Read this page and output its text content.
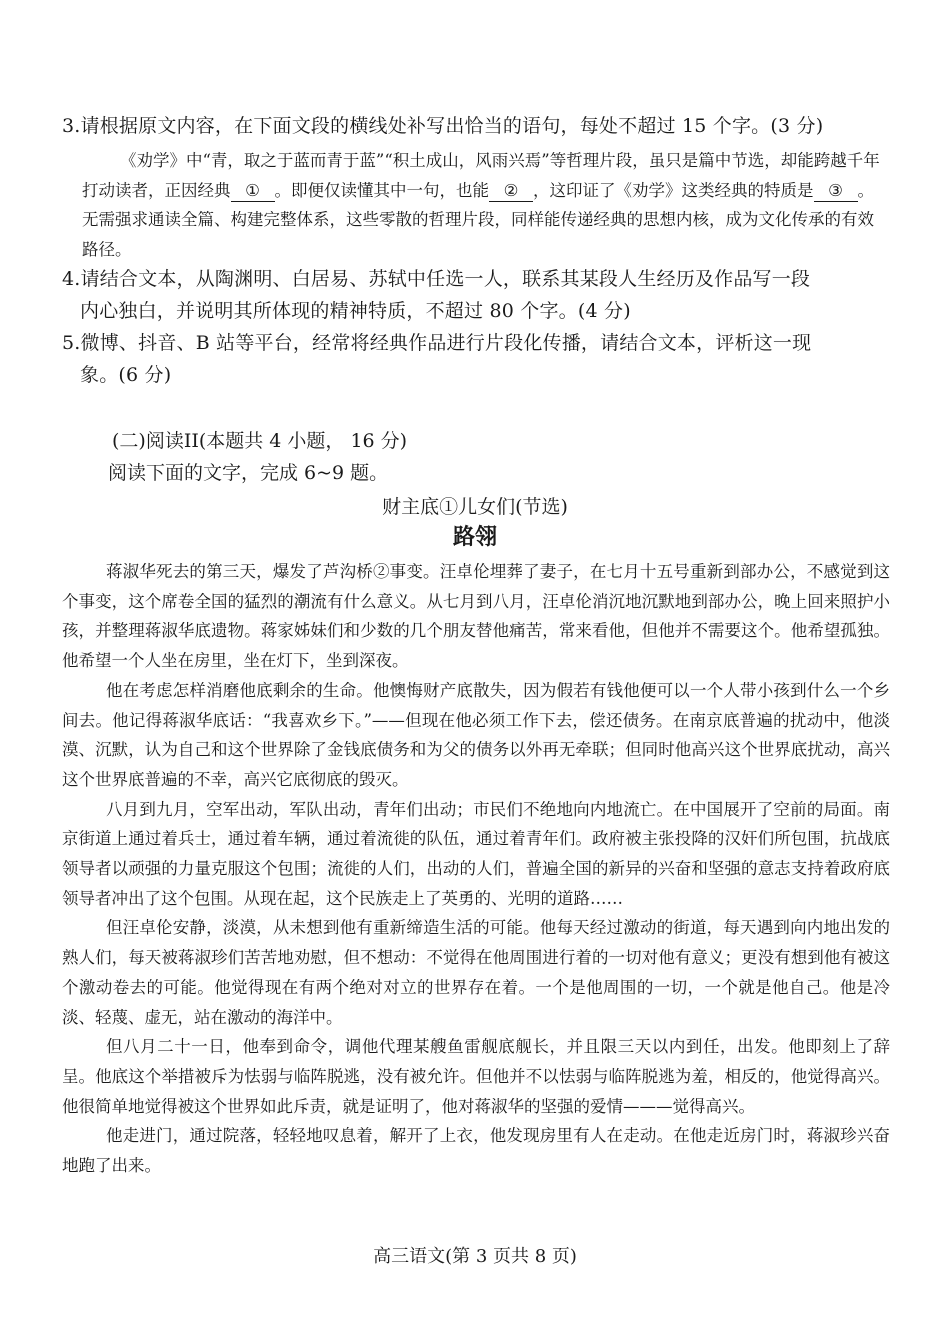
3.请根据原文内容，在下面文段的横线处补写出恰当的语句，每处不超过 15 个字。(3 分)
《劝学》中“青，取之于蓝而青于蓝”“积土成山，风雨兴焉”等哲理片段，虽只是篇中节选，却能跨越千年打动读者，正因经典 ① 。即便仅读懂其中一句，也能 ② ，这印证了《劝学》这类经典的特质是 ③ 。无需强求通读全篇、构建完整体系，这些零散的哲理片段，同样能传递经典的思想内核，成为文化传承的有效路径。
4.请结合文本，从陶渊明、白居易、苏轼中任选一人，联系其某段人生经历及作品写一段
内心独白，并说明其所体现的精神特质，不超过 80 个字。(4 分)
5.微博、抖音、B 站等平台，经常将经典作品进行片段化传播，请结合文本，评析这一现
象。(6 分)
(二)阅读II(本题共 4 小题， 16 分)
阅读下面的文字，完成 6~9 题。
财主底①儿女们(节选)
路翎

蒋淑华死去的第三天，爆发了芦沟桥②事变。汪卓伦埋葬了妻子，在七月十五号重新到部办公，不感觉到这个事变，这个席卷全国的猛烈的潮流有什么意义。从七月到八月，汪卓伦消沉地沉默地到部办公，晚上回来照护小孩，并整理蒋淑华底遗物。蒋家姊妹们和少数的几个朋友替他痛苦，常来看他，但他并不需要这个。他希望孤独。他希望一个人坐在房里，坐在灯下，坐到深夜。

他在考虑怎样消磨他底剩余的生命。他懊悔财产底散失，因为假若有钱他便可以一个人带小孩到什么一个乡间去。他记得蒋淑华底话：“我喜欢乡下。”——但现在他必须工作下去，偿还债务。在南京底普遍的扰动中，他淡漠、沉默，认为自己和这个世界除了金钱底债务和为父的债务以外再无牵联；但同时他高兴这个世界底扰动，高兴这个世界底普遍的不幸，高兴它底彻底的毁灭。

八月到九月，空军出动，军队出动，青年们出动；市民们不绝地向内地流亡。在中国展开了空前的局面。南京街道上通过着兵士，通过着车辆，通过着流徙的队伍，通过着青年们。政府被主张投降的汉奸们所包围，抗战底领导者以顽强的力量克服这个包围；流徙的人们，出动的人们，普遍全国的新异的兴奋和坚强的意志支持着政府底领导者冲出了这个包围。从现在起，这个民族走上了英勇的、光明的道路……

但汪卓伦安静，淡漠，从未想到他有重新缔造生活的可能。他每天经过激动的街道，每天遇到向内地出发的熟人们，每天被蒋淑珍们苦苦地劝慰，但不想动：不觉得在他周围进行着的一切对他有意义；更没有想到他有被这个激动卷去的可能。他觉得现在有两个绝对对立的世界存在着。一个是他周围的一切，一个就是他自己。他是冷淡、轻蔑、虚无，站在激动的海洋中。

但八月二十一日，他奉到命令，调他代理某艘鱼雷舰底舰长，并且限三天以内到任，出发。他即刻上了辞呈。他底这个举措被斥为怯弱与临阵脱逃，没有被允许。但他并不以怯弱与临阵脱逃为羞，相反的，他觉得高兴。他很简单地觉得被这个世界如此斥责，就是证明了，他对蒋淑华的坚强的爱情———觉得高兴。

他走进门，通过院落，轻轻地叹息着，解开了上衣，他发现房里有人在走动。在他走近房门时，蒋淑珍兴奋地跑了出来。

高三语文(第 3 页共 8 页)
